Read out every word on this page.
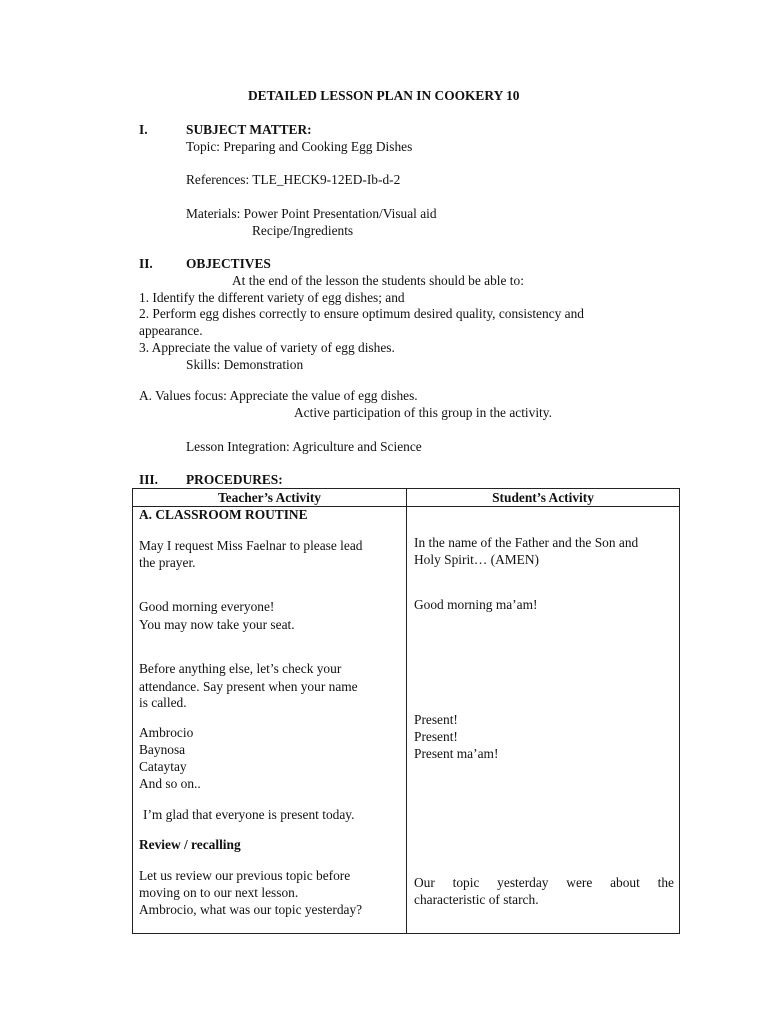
DETAILED LESSON PLAN IN COOKERY 10
I.	SUBJECT MATTER:
Topic: Preparing and Cooking Egg Dishes
References: TLE_HECK9-12ED-Ib-d-2
Materials: Power Point Presentation/Visual aid
Recipe/Ingredients
II. OBJECTIVES
At the end of the lesson the students should be able to:
1. Identify the different variety of egg dishes; and
2. Perform egg dishes correctly to ensure optimum desired quality, consistency and
appearance.
3. Appreciate the value of variety of egg dishes.
Skills: Demonstration
A. Values focus: Appreciate the value of egg dishes.
Active participation of this group in the activity.
Lesson Integration: Agriculture and Science
III. PROCEDURES:
Teacher’s Activity	Student’s Activity
A. CLASSROOM ROUTINE
May I request Miss Faelnar to please lead
the prayer.
Good morning everyone!
You may now take your seat.
Before anything else, let’s check your
attendance. Say present when your name
is called.
Ambrocio
Baynosa
Cataytay
And so on..
I’m glad that everyone is present today.
Review / recalling
Let us review our previous topic before
moving on to our next lesson.
Ambrocio, what was our topic yesterday?
In the name of the Father and the Son and
Holy Spirit… (AMEN)
Good morning ma’am!
Present!
Present!
Present ma’am!
Our topic yesterday were about the
characteristic of starch.
